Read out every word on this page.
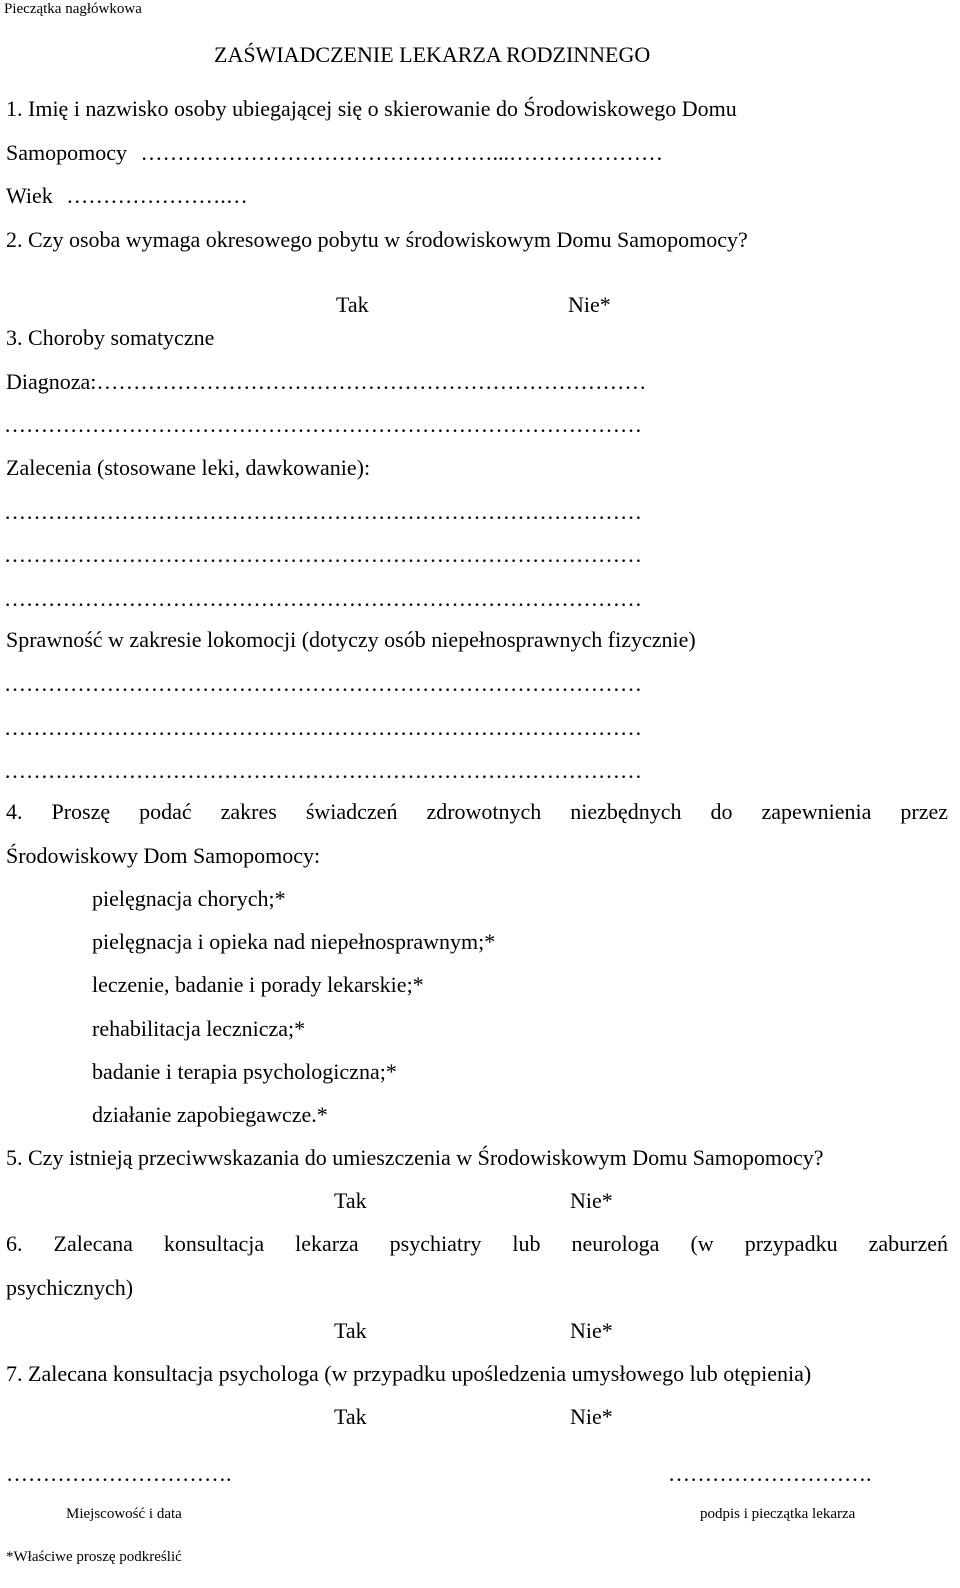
Pieczątka nagłówkowa
ZAŚWIADCZENIE LEKARZA RODZINNEGO
1. Imię i nazwisko osoby ubiegającej się o skierowanie do Środowiskowego Domu
Samopomocy …………………………………………...…………………
Wiek ………………….…
2. Czy osoba wymaga okresowego pobytu w środowiskowym Domu Samopomocy?
Tak	Nie*
3. Choroby somatyczne
Diagnoza:…………………………………………………………………
……………………………………………………………………………
Zalecenia (stosowane leki, dawkowanie):
……………………………………………………………………………
……………………………………………………………………………
……………………………………………………………………………
Sprawność w zakresie lokomocji (dotyczy osób niepełnosprawnych fizycznie)
……………………………………………………………………………
……………………………………………………………………………
……………………………………………………………………………
4. Proszę podać zakres świadczeń zdrowotnych niezbędnych do zapewnienia przez
Środowiskowy Dom Samopomocy:
pielęgnacja chorych;*
pielęgnacja i opieka nad niepełnosprawnym;*
leczenie, badanie i porady lekarskie;*
rehabilitacja lecznicza;*
badanie i terapia psychologiczna;*
działanie zapobiegawcze.*
5. Czy istnieją przeciwwskazania do umieszczenia w Środowiskowym Domu Samopomocy?
Tak	Nie*
6. Zalecana konsultacja lekarza psychiatry lub neurologa (w przypadku zaburzeń
psychicznych)
Tak	Nie*
7. Zalecana konsultacja psychologa (w przypadku upośledzenia umysłowego lub otępienia)
Tak	Nie*
………………………….	……………………….
Miejscowość i data	podpis i pieczątka lekarza
*Właściwe proszę podkreślić
